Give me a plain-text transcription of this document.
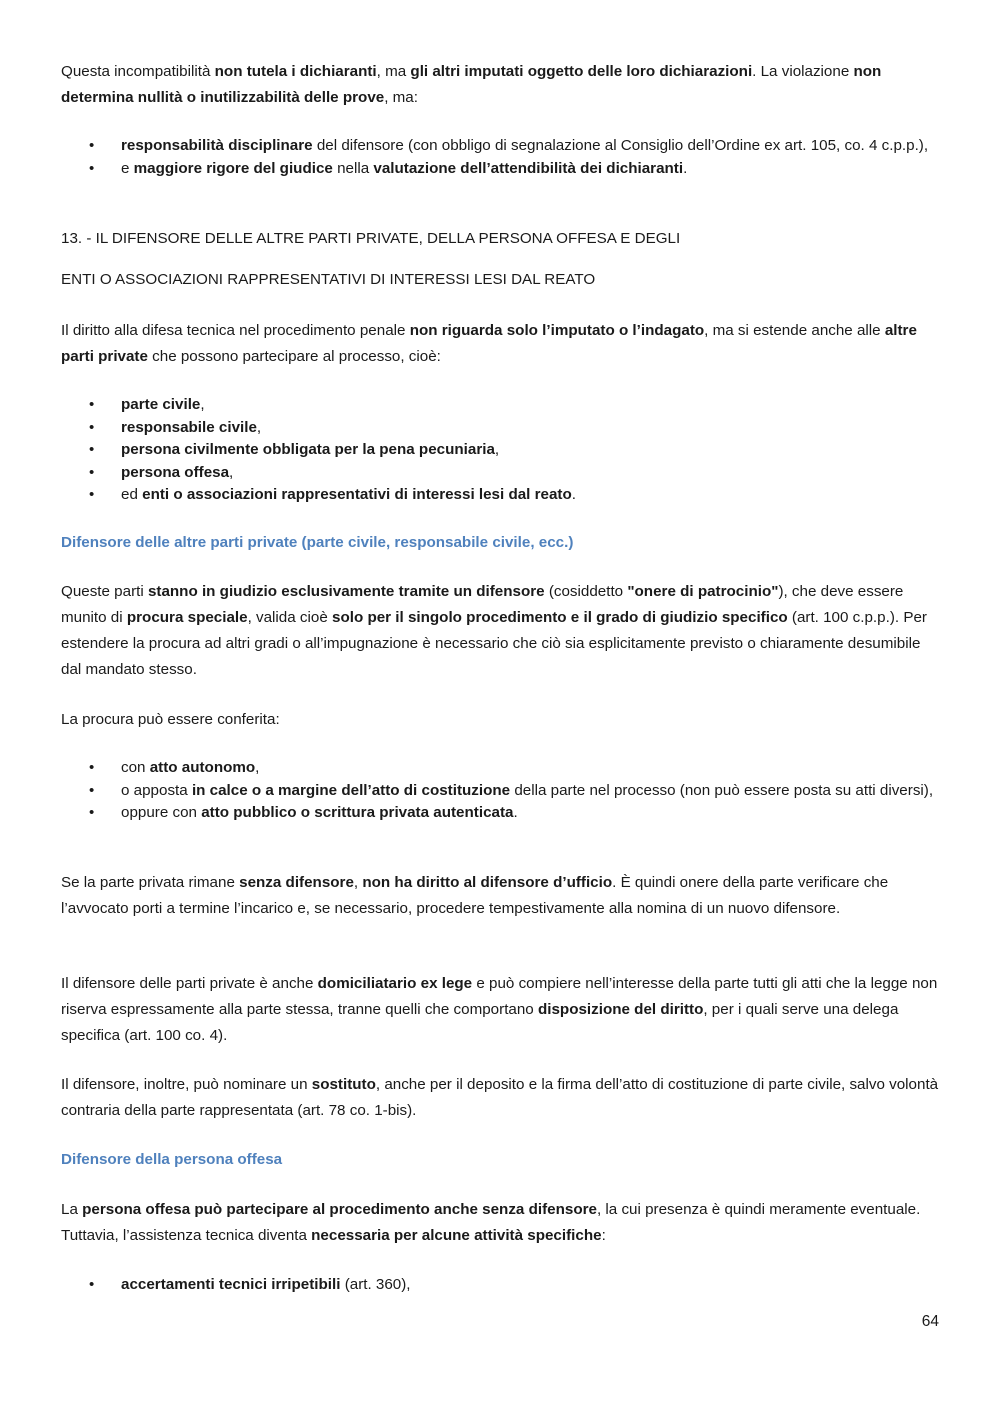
Questa incompatibilità non tutela i dichiaranti, ma gli altri imputati oggetto delle loro dichiarazioni. La violazione non determina nullità o inutilizzabilità delle prove, ma:

• responsabilità disciplinare del difensore (con obbligo di segnalazione al Consiglio dell’Ordine ex art. 105, co. 4 c.p.p.),
• e maggiore rigore del giudice nella valutazione dell’attendibilità dei dichiaranti.

13. - IL DIFENSORE DELLE ALTRE PARTI PRIVATE, DELLA PERSONA OFFESA E DEGLI

ENTI O ASSOCIAZIONI RAPPRESENTATIVI DI INTERESSI LESI DAL REATO

Il diritto alla difesa tecnica nel procedimento penale non riguarda solo l’imputato o l’indagato, ma si estende anche alle altre parti private che possono partecipare al processo, cioè:

• parte civile,
• responsabile civile,
• persona civilmente obbligata per la pena pecuniaria,
• persona offesa,
• ed enti o associazioni rappresentativi di interessi lesi dal reato.

Difensore delle altre parti private (parte civile, responsabile civile, ecc.)

Queste parti stanno in giudizio esclusivamente tramite un difensore (cosiddetto "onere di patrocinio"), che deve essere munito di procura speciale, valida cioè solo per il singolo procedimento e il grado di giudizio specifico (art. 100 c.p.p.). Per estendere la procura ad altri gradi o all’impugnazione è necessario che ciò sia esplicitamente previsto o chiaramente desumibile dal mandato stesso.

La procura può essere conferita:

• con atto autonomo,
• o apposta in calce o a margine dell’atto di costituzione della parte nel processo (non può essere posta su atti diversi),
• oppure con atto pubblico o scrittura privata autenticata.

Se la parte privata rimane senza difensore, non ha diritto al difensore d’ufficio. È quindi onere della parte verificare che l’avvocato porti a termine l’incarico e, se necessario, procedere tempestivamente alla nomina di un nuovo difensore.

Il difensore delle parti private è anche domiciliatario ex lege e può compiere nell’interesse della parte tutti gli atti che la legge non riserva espressamente alla parte stessa, tranne quelli che comportano disposizione del diritto, per i quali serve una delega specifica (art. 100 co. 4).

Il difensore, inoltre, può nominare un sostituto, anche per il deposito e la firma dell’atto di costituzione di parte civile, salvo volontà contraria della parte rappresentata (art. 78 co. 1-bis).

Difensore della persona offesa

La persona offesa può partecipare al procedimento anche senza difensore, la cui presenza è quindi meramente eventuale. Tuttavia, l’assistenza tecnica diventa necessaria per alcune attività specifiche:

• accertamenti tecnici irripetibili (art. 360),
64
